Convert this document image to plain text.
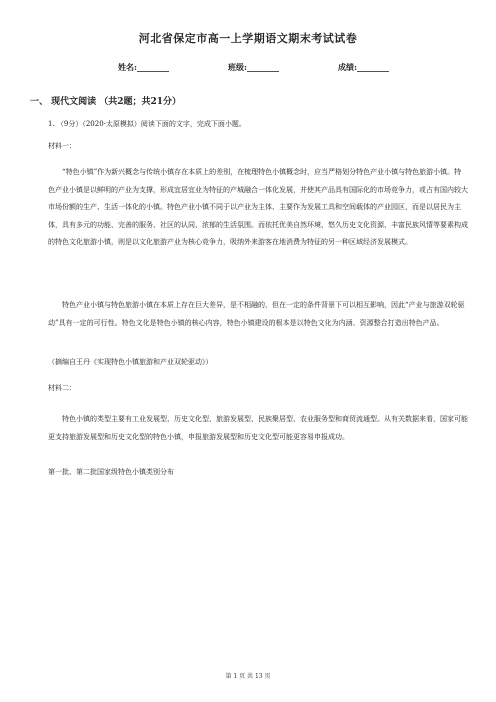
河北省保定市高一上学期语文期末考试试卷
姓名:________	班级:________	成绩:________
一、 现代文阅读 （共2题；共21分）
1. （9分）（2020·太原模拟）阅读下面的文字，完成下面小题。
材料一：
“特色小镇”作为新兴概念与传统小镇存在本质上的差别，在梳理特色小镇概念时，应当严格划分特色产业小镇与特色旅游小镇。特色产业小镇是以鲜明的产业为支撑，形成宜居宜业为特征的产城融合一体化发展，并使其产品具有国际化的市场竞争力，或占有国内较大市场份额的生产、生活一体化的小镇。特色产业小镇不同于以产业为主体、主要作为发展工具和空间载体的产业园区，而是以居民为主体，具有多元的功能、完善的服务、社区的认同、浓郁的生活氛围。而依托优美自然环境、悠久历史文化资源、丰富民族风情等要素构成的特色文化旅游小镇，则是以文化旅游产业为核心竞争力，吸纳外来游客在地消费为特征的另一种区域经济发展模式。
特色产业小镇与特色旅游小镇在本质上存在巨大差异，是不相融的，但在一定的条件背景下可以相互影响，因此“产业与旅游双轮驱动”具有一定的可行性。特色文化是特色小镇的核心内容，特色小镇建设的根本是以特色文化为内涵、资源整合打造出特色产品。
（摘编自王丹《实现特色小镇旅游和产业双轮驱动》）
材料二：
特色小镇的类型主要有工业发展型、历史文化型、旅游发展型、民族聚居型、农业服务型和商贸流通型。从有关数据来看，国家可能更支持旅游发展型和历史文化型的特色小镇，申报旅游发展型和历史文化型可能更容易申报成功。
第一批、第二批国家级特色小镇类别分布
第 1 页 共 13 页
